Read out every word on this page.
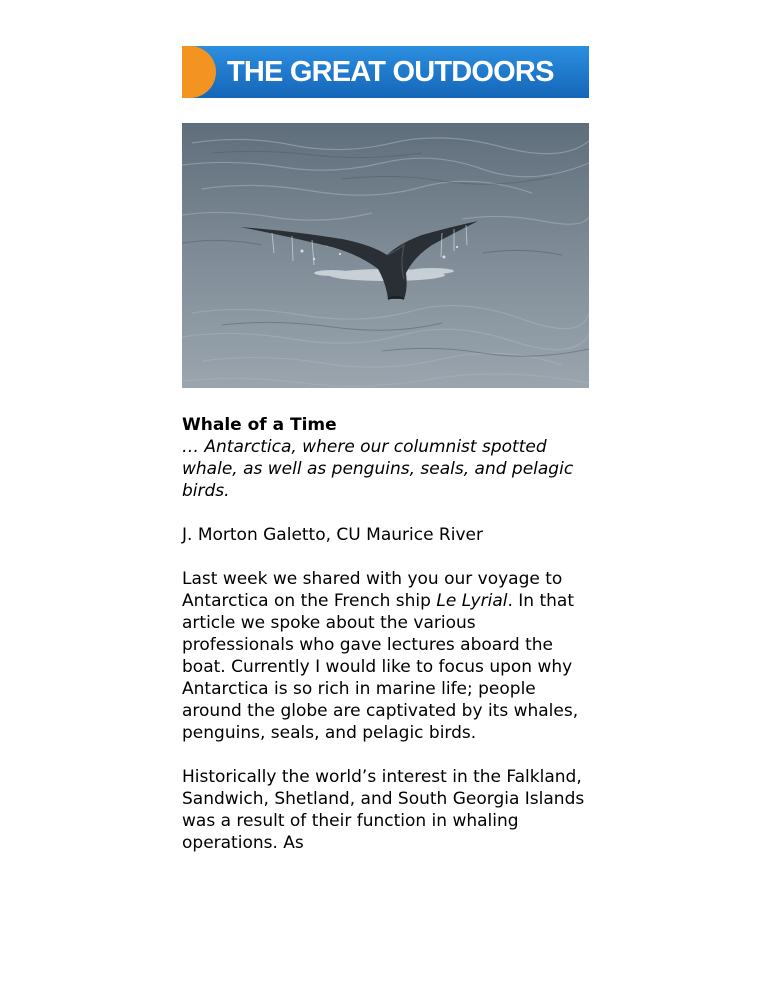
THE GREAT OUTDOORS
Whale of a Time
… Antarctica, where our columnist spotted whale, as well as penguins, seals, and pelagic birds.
J. Morton Galetto, CU Maurice River
Last week we shared with you our voyage to Antarctica on the French ship Le Lyrial. In that article we spoke about the various professionals who gave lectures aboard the boat. Currently I would like to focus upon why Antarctica is so rich in marine life; people around the globe are captivated by its whales, penguins, seals, and pelagic birds.
Historically the world’s interest in the Falkland, Sandwich, Shetland, and South Georgia Islands was a result of their function in whaling operations. As
